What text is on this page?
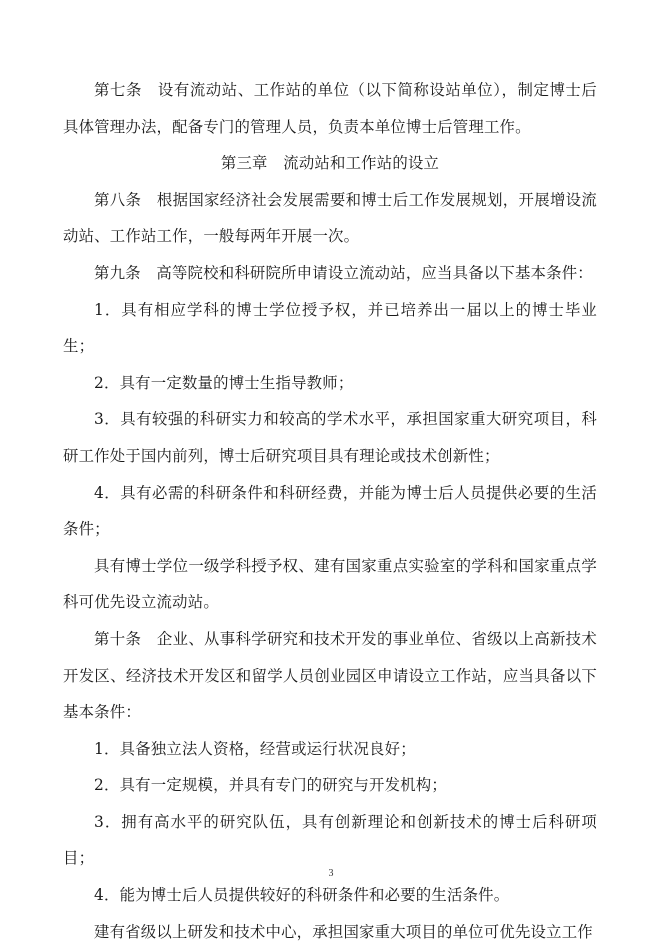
第七条　设有流动站、工作站的单位（以下简称设站单位），制定博士后具体管理办法，配备专门的管理人员，负责本单位博士后管理工作。

第三章　流动站和工作站的设立

第八条　根据国家经济社会发展需要和博士后工作发展规划，开展增设流动站、工作站工作，一般每两年开展一次。

第九条　高等院校和科研院所申请设立流动站，应当具备以下基本条件：

1．具有相应学科的博士学位授予权，并已培养出一届以上的博士毕业生；

2．具有一定数量的博士生指导教师；

3．具有较强的科研实力和较高的学术水平，承担国家重大研究项目，科研工作处于国内前列，博士后研究项目具有理论或技术创新性；

4．具有必需的科研条件和科研经费，并能为博士后人员提供必要的生活条件；

具有博士学位一级学科授予权、建有国家重点实验室的学科和国家重点学科可优先设立流动站。

第十条　企业、从事科学研究和技术开发的事业单位、省级以上高新技术开发区、经济技术开发区和留学人员创业园区申请设立工作站，应当具备以下基本条件：

1．具备独立法人资格，经营或运行状况良好；

2．具有一定规模，并具有专门的研究与开发机构；

3．拥有高水平的研究队伍，具有创新理论和创新技术的博士后科研项目；

4．能为博士后人员提供较好的科研条件和必要的生活条件。

建有省级以上研发和技术中心，承担国家重大项目的单位可优先设立工作

3
